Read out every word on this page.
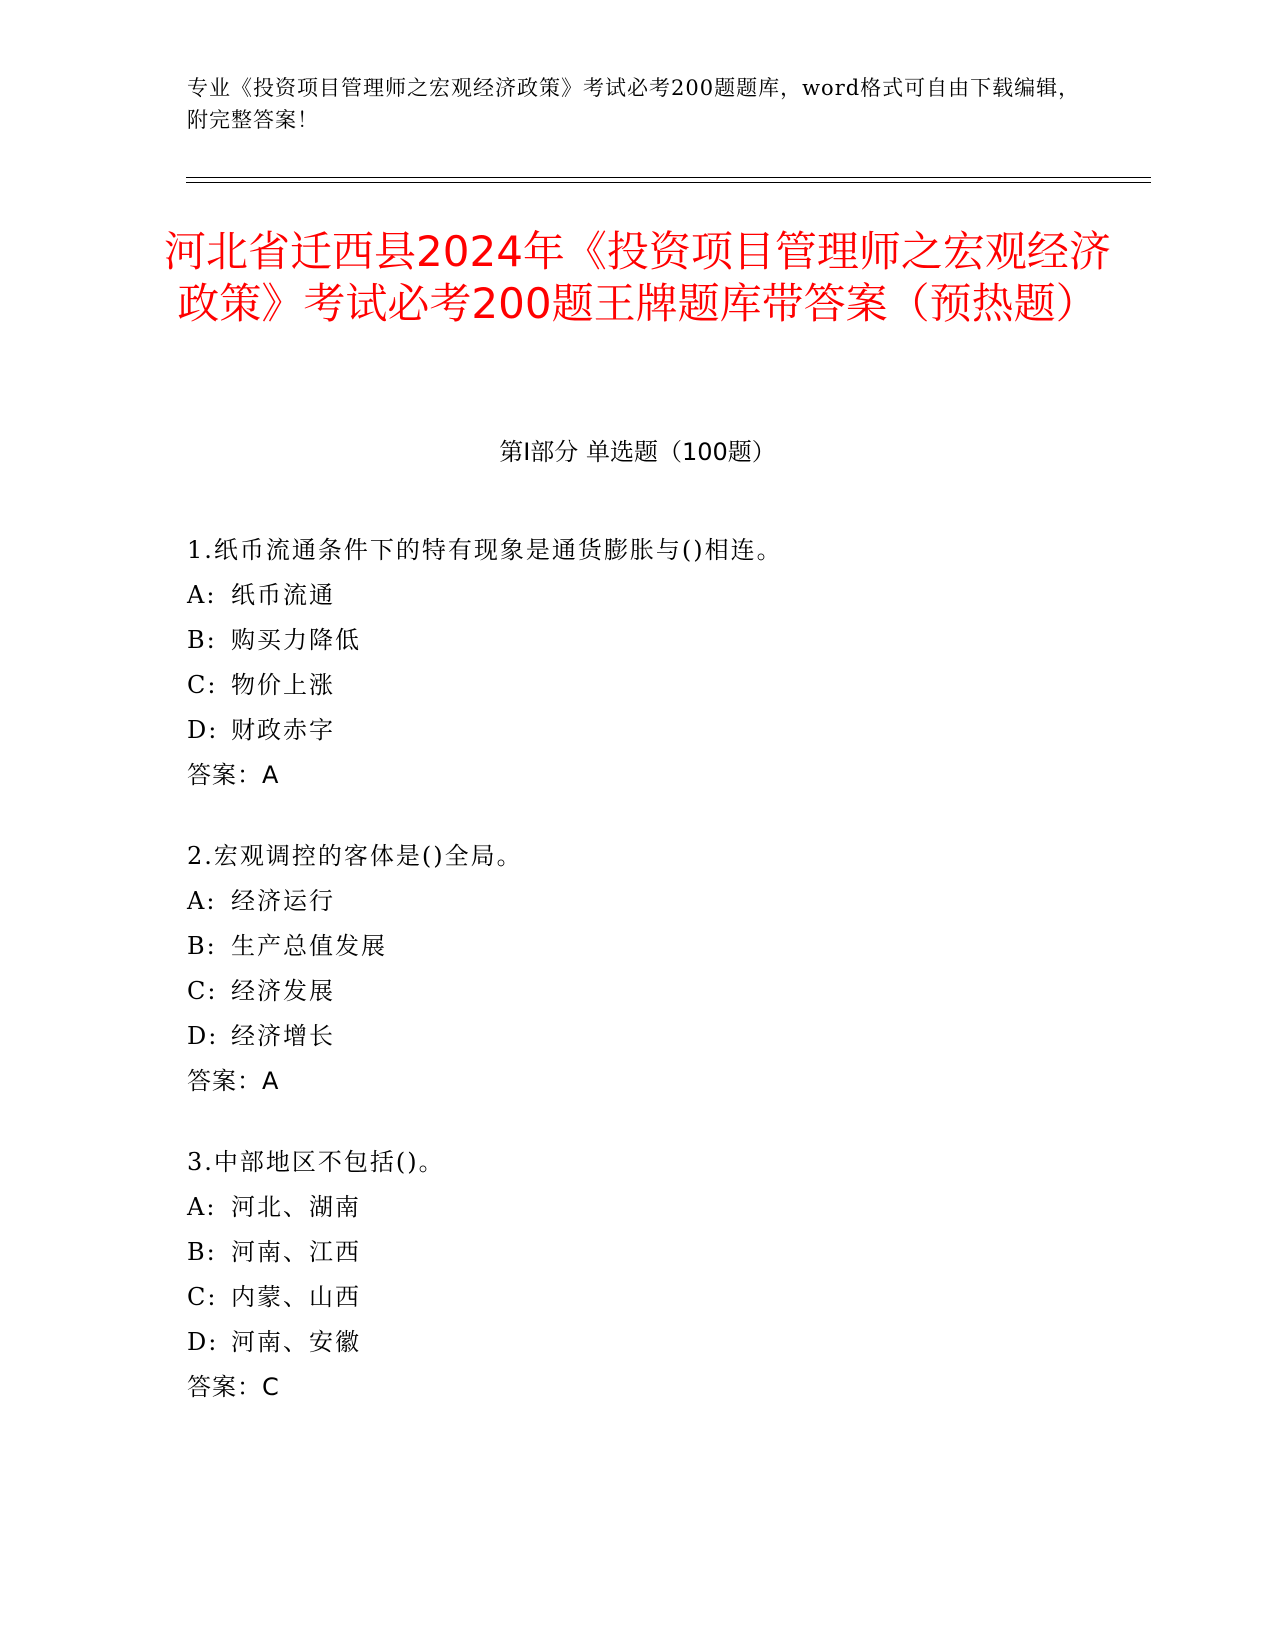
专业《投资项目管理师之宏观经济政策》考试必考200题题库，word格式可自由下载编辑，附完整答案！
河北省迁西县2024年《投资项目管理师之宏观经济政策》考试必考200题王牌题库带答案（预热题）
第I部分 单选题（100题）
1.纸币流通条件下的特有现象是通货膨胀与()相连。
A: 纸币流通
B: 购买力降低
C: 物价上涨
D: 财政赤字
答案：A
2.宏观调控的客体是()全局。
A: 经济运行
B: 生产总值发展
C: 经济发展
D: 经济增长
答案：A
3.中部地区不包括()。
A: 河北、湖南
B: 河南、江西
C: 内蒙、山西
D: 河南、安徽
答案：C
